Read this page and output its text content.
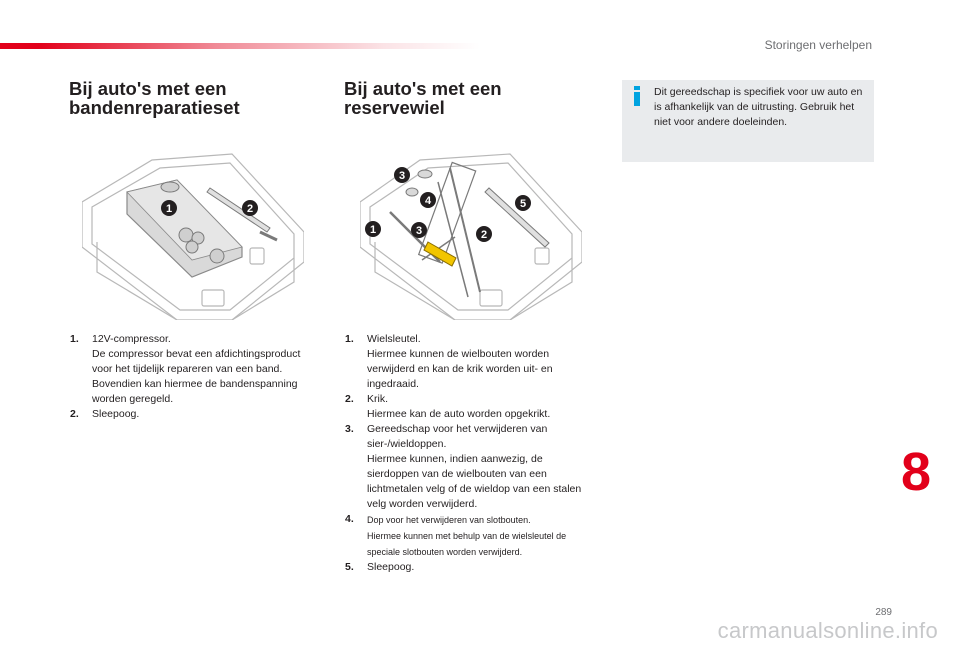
Storingen verhelpen
Bij auto's met een bandenreparatieset
Bij auto's met een reservewiel
Dit gereedschap is specifiek voor uw auto en is afhankelijk van de uitrusting. Gebruik het niet voor andere doeleinden.
1	2
1	2
3
3
4	5
1. 12V-compressor.
De compressor bevat een afdichtingsproduct voor het tijdelijk repareren van een band. Bovendien kan hiermee de bandenspanning worden geregeld.
2. Sleepoog.
1. Wielsleutel.
Hiermee kunnen de wielbouten worden verwijderd en kan de krik worden uit- en ingedraaid.
2. Krik.
Hiermee kan de auto worden opgekrikt.
3. Gereedschap voor het verwijderen van sier-/wieldoppen.
Hiermee kunnen, indien aanwezig, de sierdoppen van de wielbouten van een lichtmetalen velg of de wieldop van een stalen velg worden verwijderd.
4. Dop voor het verwijderen van slotbouten.
Hiermee kunnen met behulp van de wielsleutel de speciale slotbouten worden verwijderd.
5. Sleepoog.
8
289
carmanualsonline.info
